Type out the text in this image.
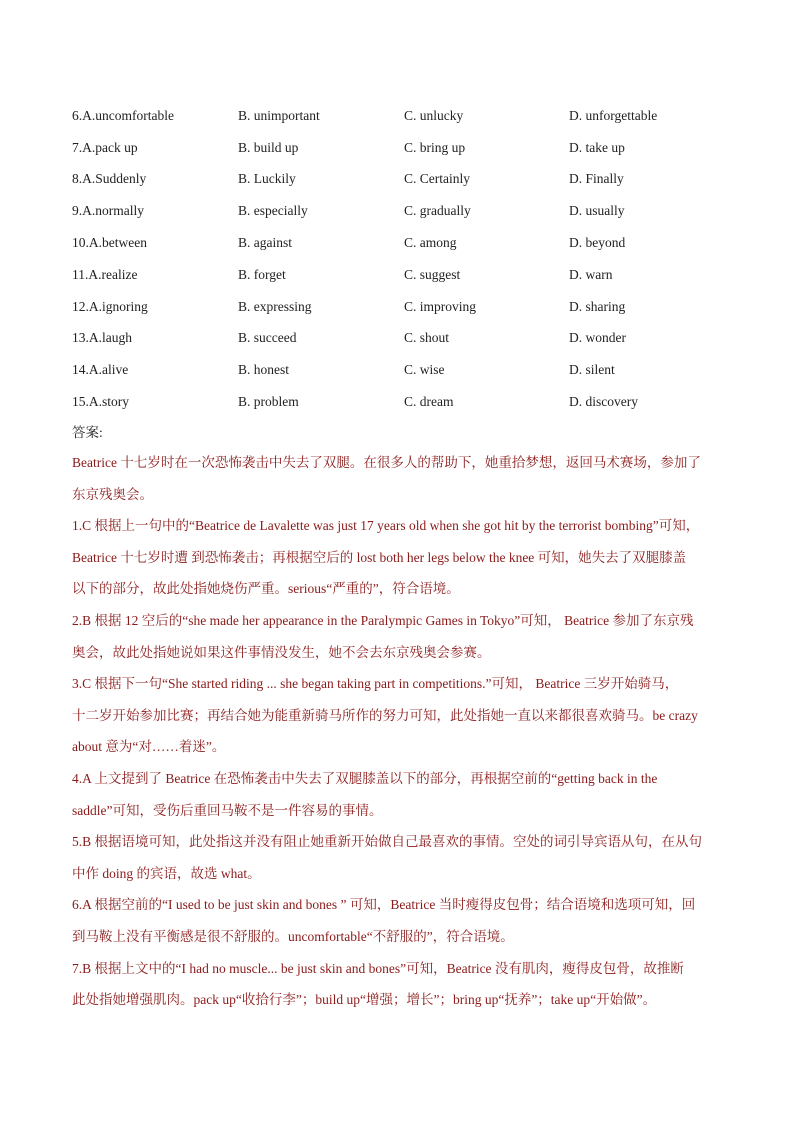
6.A.uncomfortable	B. unimportant	C. unlucky	D. unforgettable
7.A.pack up	B. build up	C. bring up	D. take up
8.A.Suddenly	B. Luckily	C. Certainly	D. Finally
9.A.normally	B. especially	C. gradually	D. usually
10.A.between	B. against	C. among	D. beyond
11.A.realize	B. forget	C. suggest	D. warn
12.A.ignoring	B. expressing	C. improving	D. sharing
13.A.laugh	B. succeed	C. shout	D. wonder
14.A.alive	B. honest	C. wise	D. silent
15.A.story	B. problem	C. dream	D. discovery
答案:
Beatrice 十七岁时在一次恐怖袭击中失去了双腿。在很多人的帮助下，她重拾梦想，返回马术赛场，参加了
东京残奥会。
1.C 根据上一句中的“Beatrice de Lavalette was just 17 years old when she got hit by the terrorist bombing”可知，
Beatrice 十七岁时遭 到恐怖袭击；再根据空后的 lost both her legs below the knee 可知，她失去了双腿膝盖
以下的部分，故此处指她烧伤严重。serious“严重的”，符合语境。
2.B 根据 12 空后的“she made her appearance in the Paralympic Games in Tokyo”可知， Beatrice 参加了东京残
奥会，故此处指她说如果这件事情没发生，她不会去东京残奥会参赛。
3.C 根据下一句“She started riding ... she began taking part in competitions.”可知， Beatrice 三岁开始骑马，
十二岁开始参加比赛；再结合她为能重新骑马所作的努力可知，此处指她一直以来都很喜欢骑马。be crazy
about 意为“对……着迷”。
4.A 上文提到了 Beatrice 在恐怖袭击中失去了双腿膝盖以下的部分，再根据空前的“getting back in the
saddle”可知，受伤后重回马鞍不是一件容易的事情。
5.B 根据语境可知，此处指这并没有阻止她重新开始做自己最喜欢的事情。空处的词引导宾语从句，在从句
中作 doing 的宾语，故选 what。
6.A 根据空前的“I used to be just skin and bones ” 可知，Beatrice 当时瘦得皮包骨；结合语境和选项可知，回
到马鞍上没有平衡感是很不舒服的。uncomfortable“不舒服的”，符合语境。
7.B 根据上文中的“I had no muscle... be just skin and bones”可知，Beatrice 没有肌肉，瘦得皮包骨，故推断
此处指她增强肌肉。pack up“收拾行李”；build up“增强；增长”；bring up“抚养”；take up“开始做”。
